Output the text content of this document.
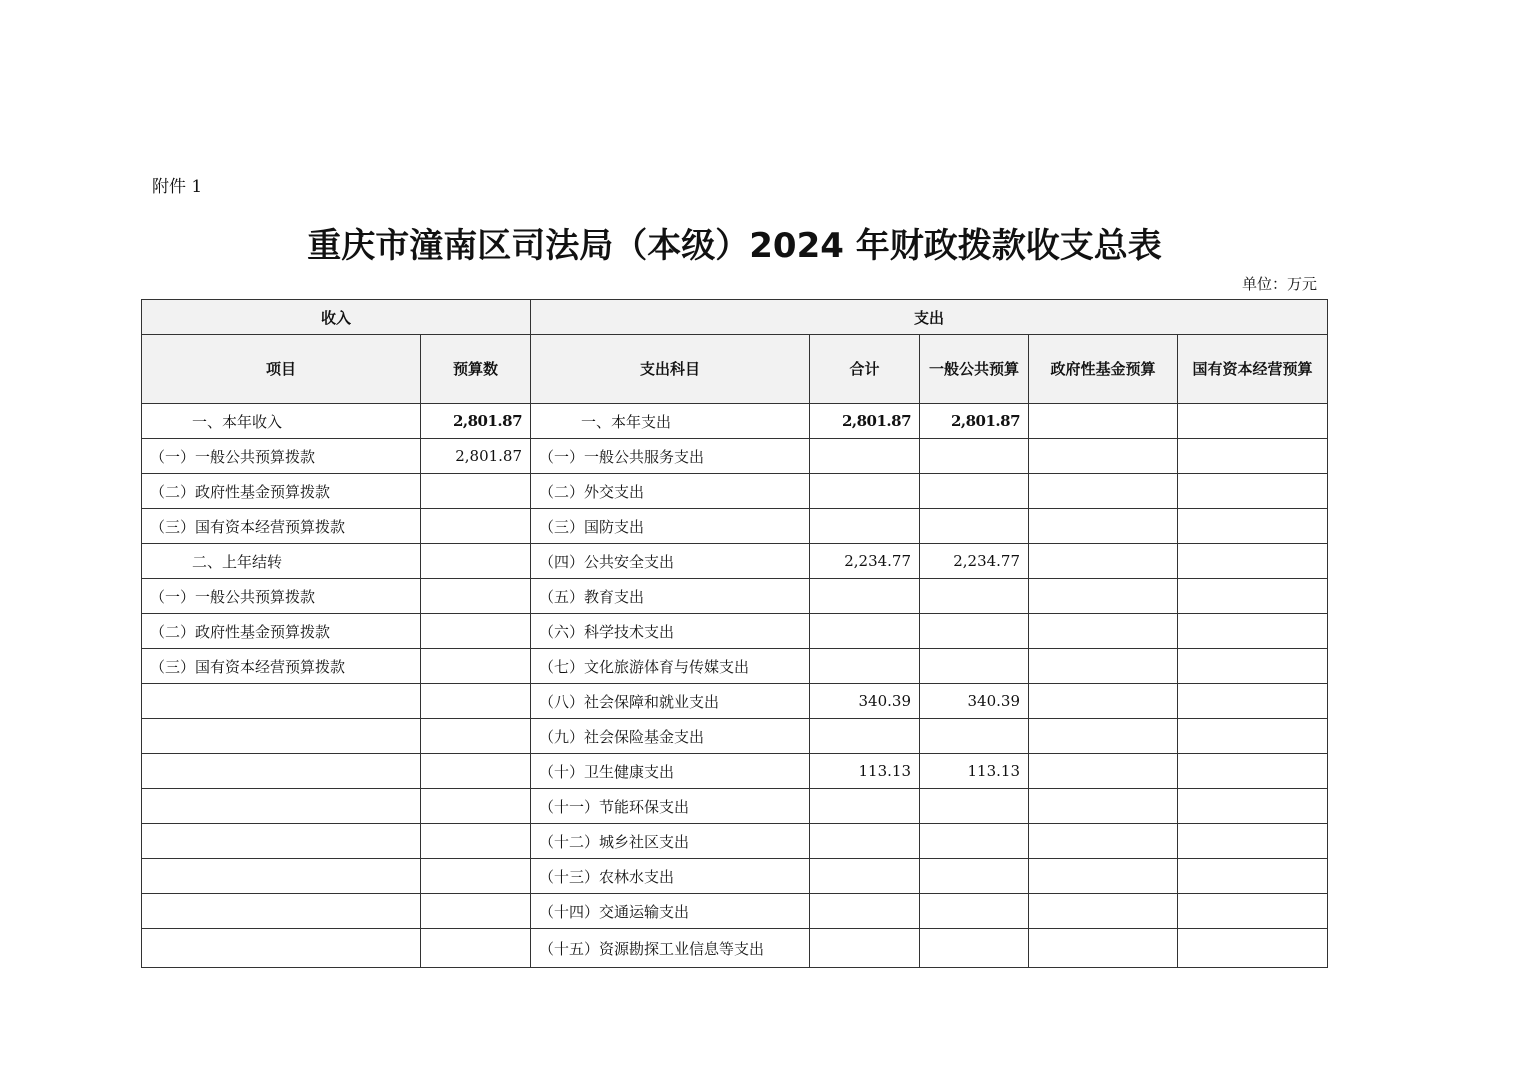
附件 1
重庆市潼南区司法局（本级）2024 年财政拨款收支总表
单位：万元
收入		支出				
项目	预算数	支出科目	合计	一般公共预算	政府性基金预算	国有资本经营预算
一、本年收入	2,801.87	一、本年支出	2,801.87	2,801.87		
（一）一般公共预算拨款	2,801.87	（一）一般公共服务支出				
（二）政府性基金预算拨款		（二）外交支出				
（三）国有资本经营预算拨款		（三）国防支出				
二、上年结转		（四）公共安全支出	2,234.77	2,234.77		
（一）一般公共预算拨款		（五）教育支出				
（二）政府性基金预算拨款		（六）科学技术支出				
（三）国有资本经营预算拨款		（七）文化旅游体育与传媒支出				
		（八）社会保障和就业支出	340.39	340.39		
		（九）社会保险基金支出				
		（十）卫生健康支出	113.13	113.13		
		（十一）节能环保支出				
		（十二）城乡社区支出				
		（十三）农林水支出				
		（十四）交通运输支出				
		（十五）资源勘探工业信息等支出				
